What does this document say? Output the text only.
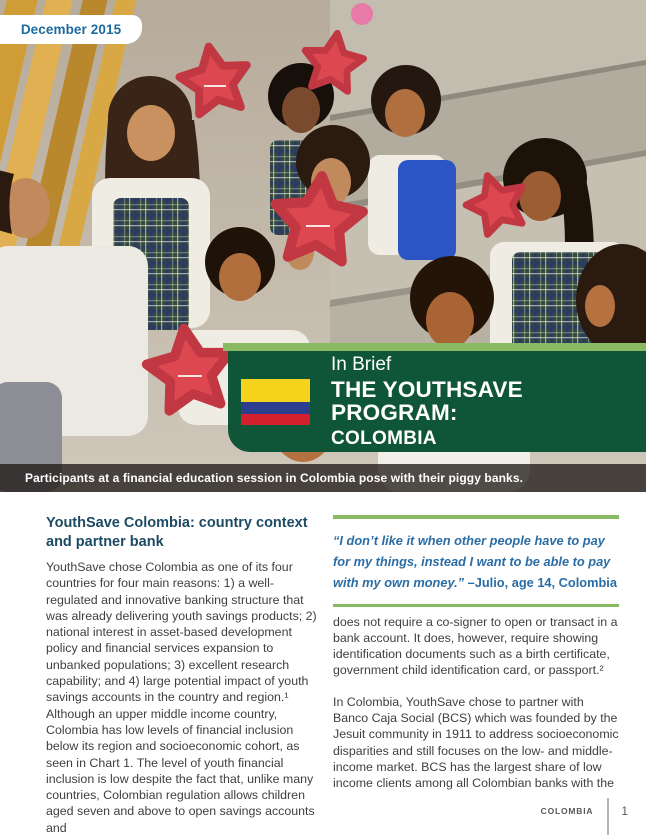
December 2015
In Brief
THE YOUTHSAVE PROGRAM:
COLOMBIA
Participants at a financial education session in Colombia pose with their piggy banks.
YouthSave Colombia: country context and partner bank

YouthSave chose Colombia as one of its four countries for four main reasons: 1) a well-regulated and innovative banking structure that was already delivering youth savings products; 2) national interest in asset-based development policy and financial services expansion to unbanked populations; 3) excellent research capability; and 4) large potential impact of youth savings accounts in the country and region.¹ Although an upper middle income country, Colombia has low levels of financial inclusion below its region and socioeconomic cohort, as seen in Chart 1. The level of youth financial inclusion is low despite the fact that, unlike many countries, Colombian regulation allows children aged seven and above to open savings accounts and

“I don’t like it when other people have to pay for my things, instead I want to be able to pay with my own money.” –Julio, age 14, Colombia

does not require a co-signer to open or transact in a bank account. It does, however, require showing identification documents such as a birth certificate, government child identification card, or passport.²

In Colombia, YouthSave chose to partner with Banco Caja Social (BCS) which was founded by the Jesuit community in 1911 to address socioeconomic disparities and still focuses on the low- and middle-income market. BCS has the largest share of low income clients among all Colombian banks with the

COLOMBIA 1
